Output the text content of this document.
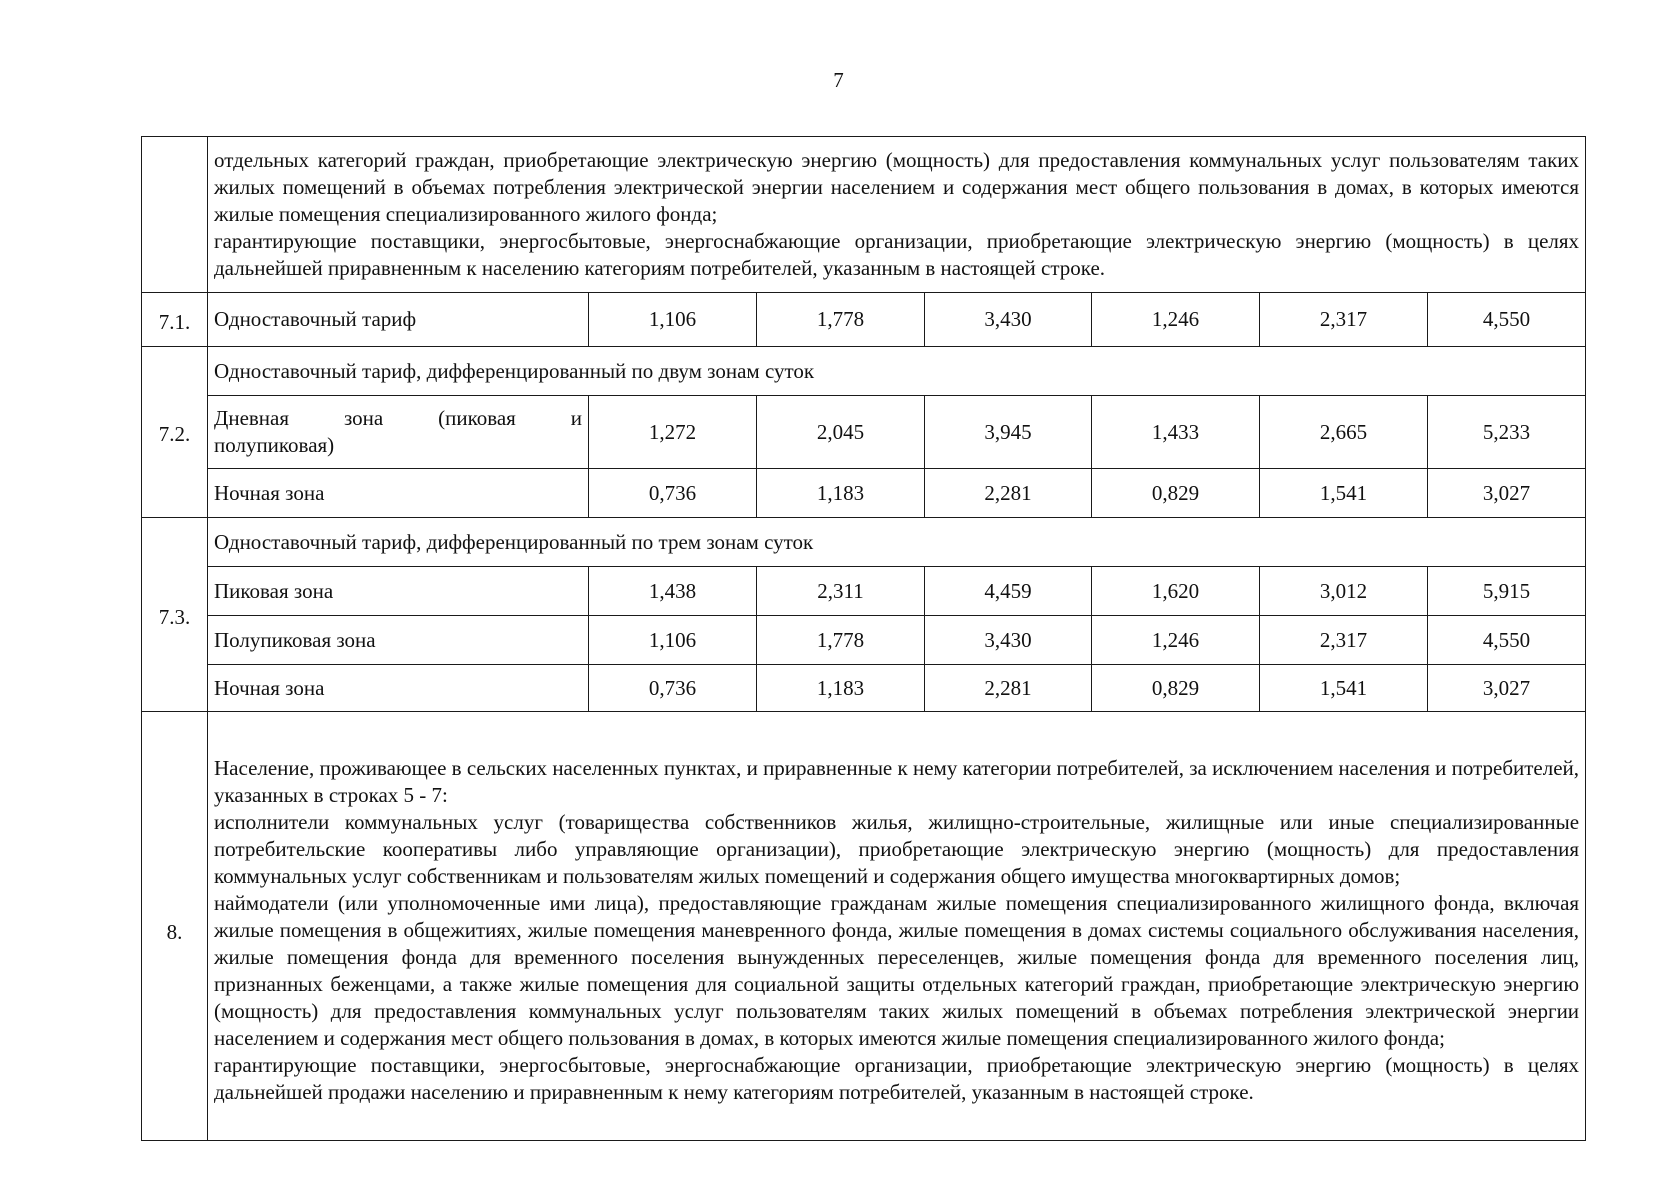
7

	отдельных категорий граждан, приобретающие электрическую энергию (мощность) для предоставления коммунальных услуг пользователям таких жилых помещений в объемах потребления электрической энергии населением и содержания мест общего пользования в домах, в которых имеются жилые помещения специализированного жилого фонда;

гарантирующие поставщики, энергосбытовые, энергоснабжающие организации, приобретающие электрическую энергию (мощность) в целях дальнейшей приравненным к населению категориям потребителей, указанным в настоящей строке.						

7.1.	Одноставочный тариф	1,106	1,778	3,430	1,246	2,317	4,550
7.2.	Одноставочный тариф, дифференцированный по двум зонам суток						

	Дневная зона (пиковая и
полупиковая)	1,272	2,045	3,945	1,433	2,665	5,233
	Ночная зона	0,736	1,183	2,281	0,829	1,541	3,027
7.3.	Одноставочный тариф, дифференцированный по трем зонам суток						
	Пиковая зона	1,438	2,311	4,459	1,620	3,012	5,915
	Полупиковая зона	1,106	1,778	3,430	1,246	2,317	4,550
	Ночная зона	0,736	1,183	2,281	0,829	1,541	3,027
8.	Население, проживающее в сельских населенных пунктах, и приравненные к нему категории потребителей, за исключением населения и потребителей, указанных в строках 5 - 7:

исполнители коммунальных услуг (товарищества собственников жилья, жилищно-строительные, жилищные или иные специализированные потребительские кооперативы либо управляющие организации), приобретающие электрическую энергию (мощность) для предоставления коммунальных услуг собственникам и пользователям жилых помещений и содержания общего имущества многоквартирных домов;

наймодатели (или уполномоченные ими лица), предоставляющие гражданам жилые помещения специализированного жилищного фонда, включая жилые помещения в общежитиях, жилые помещения маневренного фонда, жилые помещения в домах системы социального обслуживания населения, жилые помещения фонда для временного поселения вынужденных переселенцев, жилые помещения фонда для временного поселения лиц, признанных беженцами, а также жилые помещения для социальной защиты отдельных категорий граждан, приобретающие электрическую энергию (мощность) для предоставления коммунальных услуг пользователям таких жилых помещений в объемах потребления электрической энергии населением и содержания мест общего пользования в домах, в которых имеются жилые помещения специализированного жилого фонда;

гарантирующие поставщики, энергосбытовые, энергоснабжающие организации, приобретающие электрическую энергию (мощность) в целях дальнейшей продажи населению и приравненным к нему категориям потребителей, указанным в настоящей строке.						
